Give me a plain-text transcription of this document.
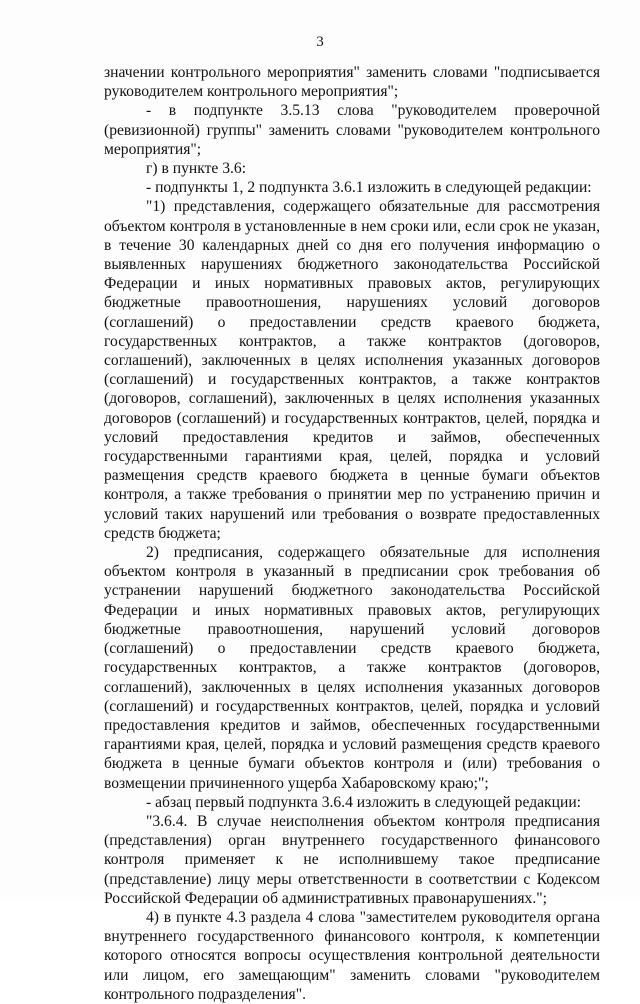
3

значении контрольного мероприятия" заменить словами "подписывается руководителем контрольного мероприятия";

- в подпункте 3.5.13 слова "руководителем проверочной (ревизионной) группы" заменить словами "руководителем контрольного мероприятия";

г) в пункте 3.6:

- подпункты 1, 2 подпункта 3.6.1 изложить в следующей редакции:

"1) представления, содержащего обязательные для рассмотрения объектом контроля в установленные в нем сроки или, если срок не указан, в течение 30 календарных дней со дня его получения информацию о выявленных нарушениях бюджетного законодательства Российской Федерации и иных нормативных правовых актов, регулирующих бюджетные правоотношения, нарушениях условий договоров (соглашений) о предоставлении средств краевого бюджета, государственных контрактов, а также контрактов (договоров, соглашений), заключенных в целях исполнения указанных договоров (соглашений) и государственных контрактов, а также контрактов (договоров, соглашений), заключенных в целях исполнения указанных договоров (соглашений) и государственных контрактов, целей, порядка и условий предоставления кредитов и займов, обеспеченных государственными гарантиями края, целей, порядка и условий размещения средств краевого бюджета в ценные бумаги объектов контроля, а также требования о принятии мер по устранению причин и условий таких нарушений или требования о возврате предоставленных средств бюджета;

2) предписания, содержащего обязательные для исполнения объектом контроля в указанный в предписании срок требования об устранении нарушений бюджетного законодательства Российской Федерации и иных нормативных правовых актов, регулирующих бюджетные правоотношения, нарушений условий договоров (соглашений) о предоставлении средств краевого бюджета, государственных контрактов, а также контрактов (договоров, соглашений), заключенных в целях исполнения указанных договоров (соглашений) и государственных контрактов, целей, порядка и условий предоставления кредитов и займов, обеспеченных государственными гарантиями края, целей, порядка и условий размещения средств краевого бюджета в ценные бумаги объектов контроля и (или) требования о возмещении причиненного ущерба Хабаровскому краю;";

- абзац первый подпункта 3.6.4 изложить в следующей редакции:

"3.6.4. В случае неисполнения объектом контроля предписания (представления) орган внутреннего государственного финансового контроля применяет к не исполнившему такое предписание (представление) лицу меры ответственности в соответствии с Кодексом Российской Федерации об административных правонарушениях.";

4) в пункте 4.3 раздела 4 слова "заместителем руководителя органа внутреннего государственного финансового контроля, к компетенции которого относятся вопросы осуществления контрольной деятельности или лицом, его замещающим" заменить словами "руководителем контрольного подразделения".
